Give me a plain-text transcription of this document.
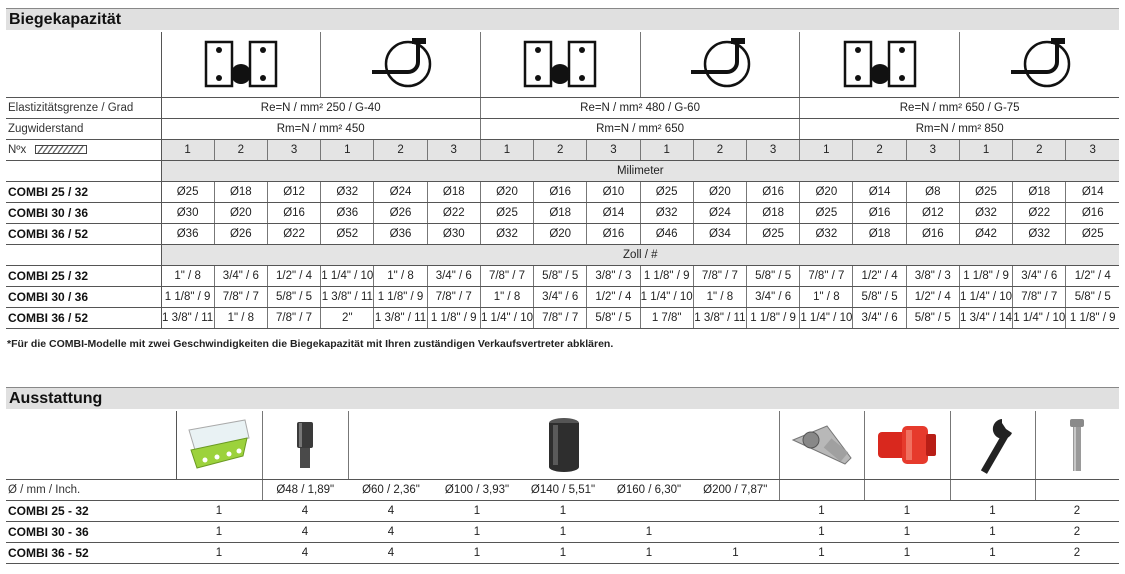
Biegekapazität

Elastizitätsgrenze / Grad	Re=N / mm² 250 / G-40						Re=N / mm² 480 / G-60						Re=N / mm² 650 / G-75					
Zugwiderstand	Rm=N / mm² 450						Rm=N / mm² 650						Rm=N / mm² 850					
Nºx	1	2	3	1	2	3	1	2	3	1	2	3	1	2	3	1	2	3
	Milimeter																	
COMBI 25 / 32	Ø25	Ø18	Ø12	Ø32	Ø24	Ø18	Ø20	Ø16	Ø10	Ø25	Ø20	Ø16	Ø20	Ø14	Ø8	Ø25	Ø18	Ø14
COMBI 30 / 36	Ø30	Ø20	Ø16	Ø36	Ø26	Ø22	Ø25	Ø18	Ø14	Ø32	Ø24	Ø18	Ø25	Ø16	Ø12	Ø32	Ø22	Ø16
COMBI 36 / 52	Ø36	Ø26	Ø22	Ø52	Ø36	Ø30	Ø32	Ø20	Ø16	Ø46	Ø34	Ø25	Ø32	Ø18	Ø16	Ø42	Ø32	Ø25
	Zoll / #																	
COMBI 25 / 32	1" / 8	3/4" / 6	1/2" / 4	1 1/4" / 10	1" / 8	3/4" / 6	7/8" / 7	5/8" / 5	3/8" / 3	1 1/8" / 9	7/8" / 7	5/8" / 5	7/8" / 7	1/2" / 4	3/8" / 3	1 1/8" / 9	3/4" / 6	1/2" / 4
COMBI 30 / 36	1 1/8" / 9	7/8" / 7	5/8" / 5	1 3/8" / 11	1 1/8" / 9	7/8" / 7	1" / 8	3/4" / 6	1/2" / 4	1 1/4" / 10	1" / 8	3/4" / 6	1" / 8	5/8" / 5	1/2" / 4	1 1/4" / 10	7/8" / 7	5/8" / 5
COMBI 36 / 52	1 3/8" / 11	1" / 8	7/8" / 7	2"	1 3/8" / 11	1 1/8" / 9	1 1/4" / 10	7/8" / 7	5/8" / 5	1 7/8"	1 3/8" / 11	1 1/8" / 9	1 1/4" / 10	3/4" / 6	5/8" / 5	1 3/4" / 14	1 1/4" / 10	1 1/8" / 9
*Für die COMBI-Modelle mit zwei Geschwindigkeiten die Biegekapazität mit Ihren zuständigen Verkaufsvertreter abklären.
Ausstattung

Ø / mm / Inch.		Ø48 / 1,89"	Ø60 / 2,36"	Ø100 / 3,93"	Ø140 / 5,51"	Ø160 / 6,30"	Ø200 / 7,87"				
COMBI 25 - 32	1	4	4	1	1			1	1	1	2
COMBI 30 - 36	1	4	4	1	1	1		1	1	1	2
COMBI 36 - 52	1	4	4	1	1	1	1	1	1	1	2
